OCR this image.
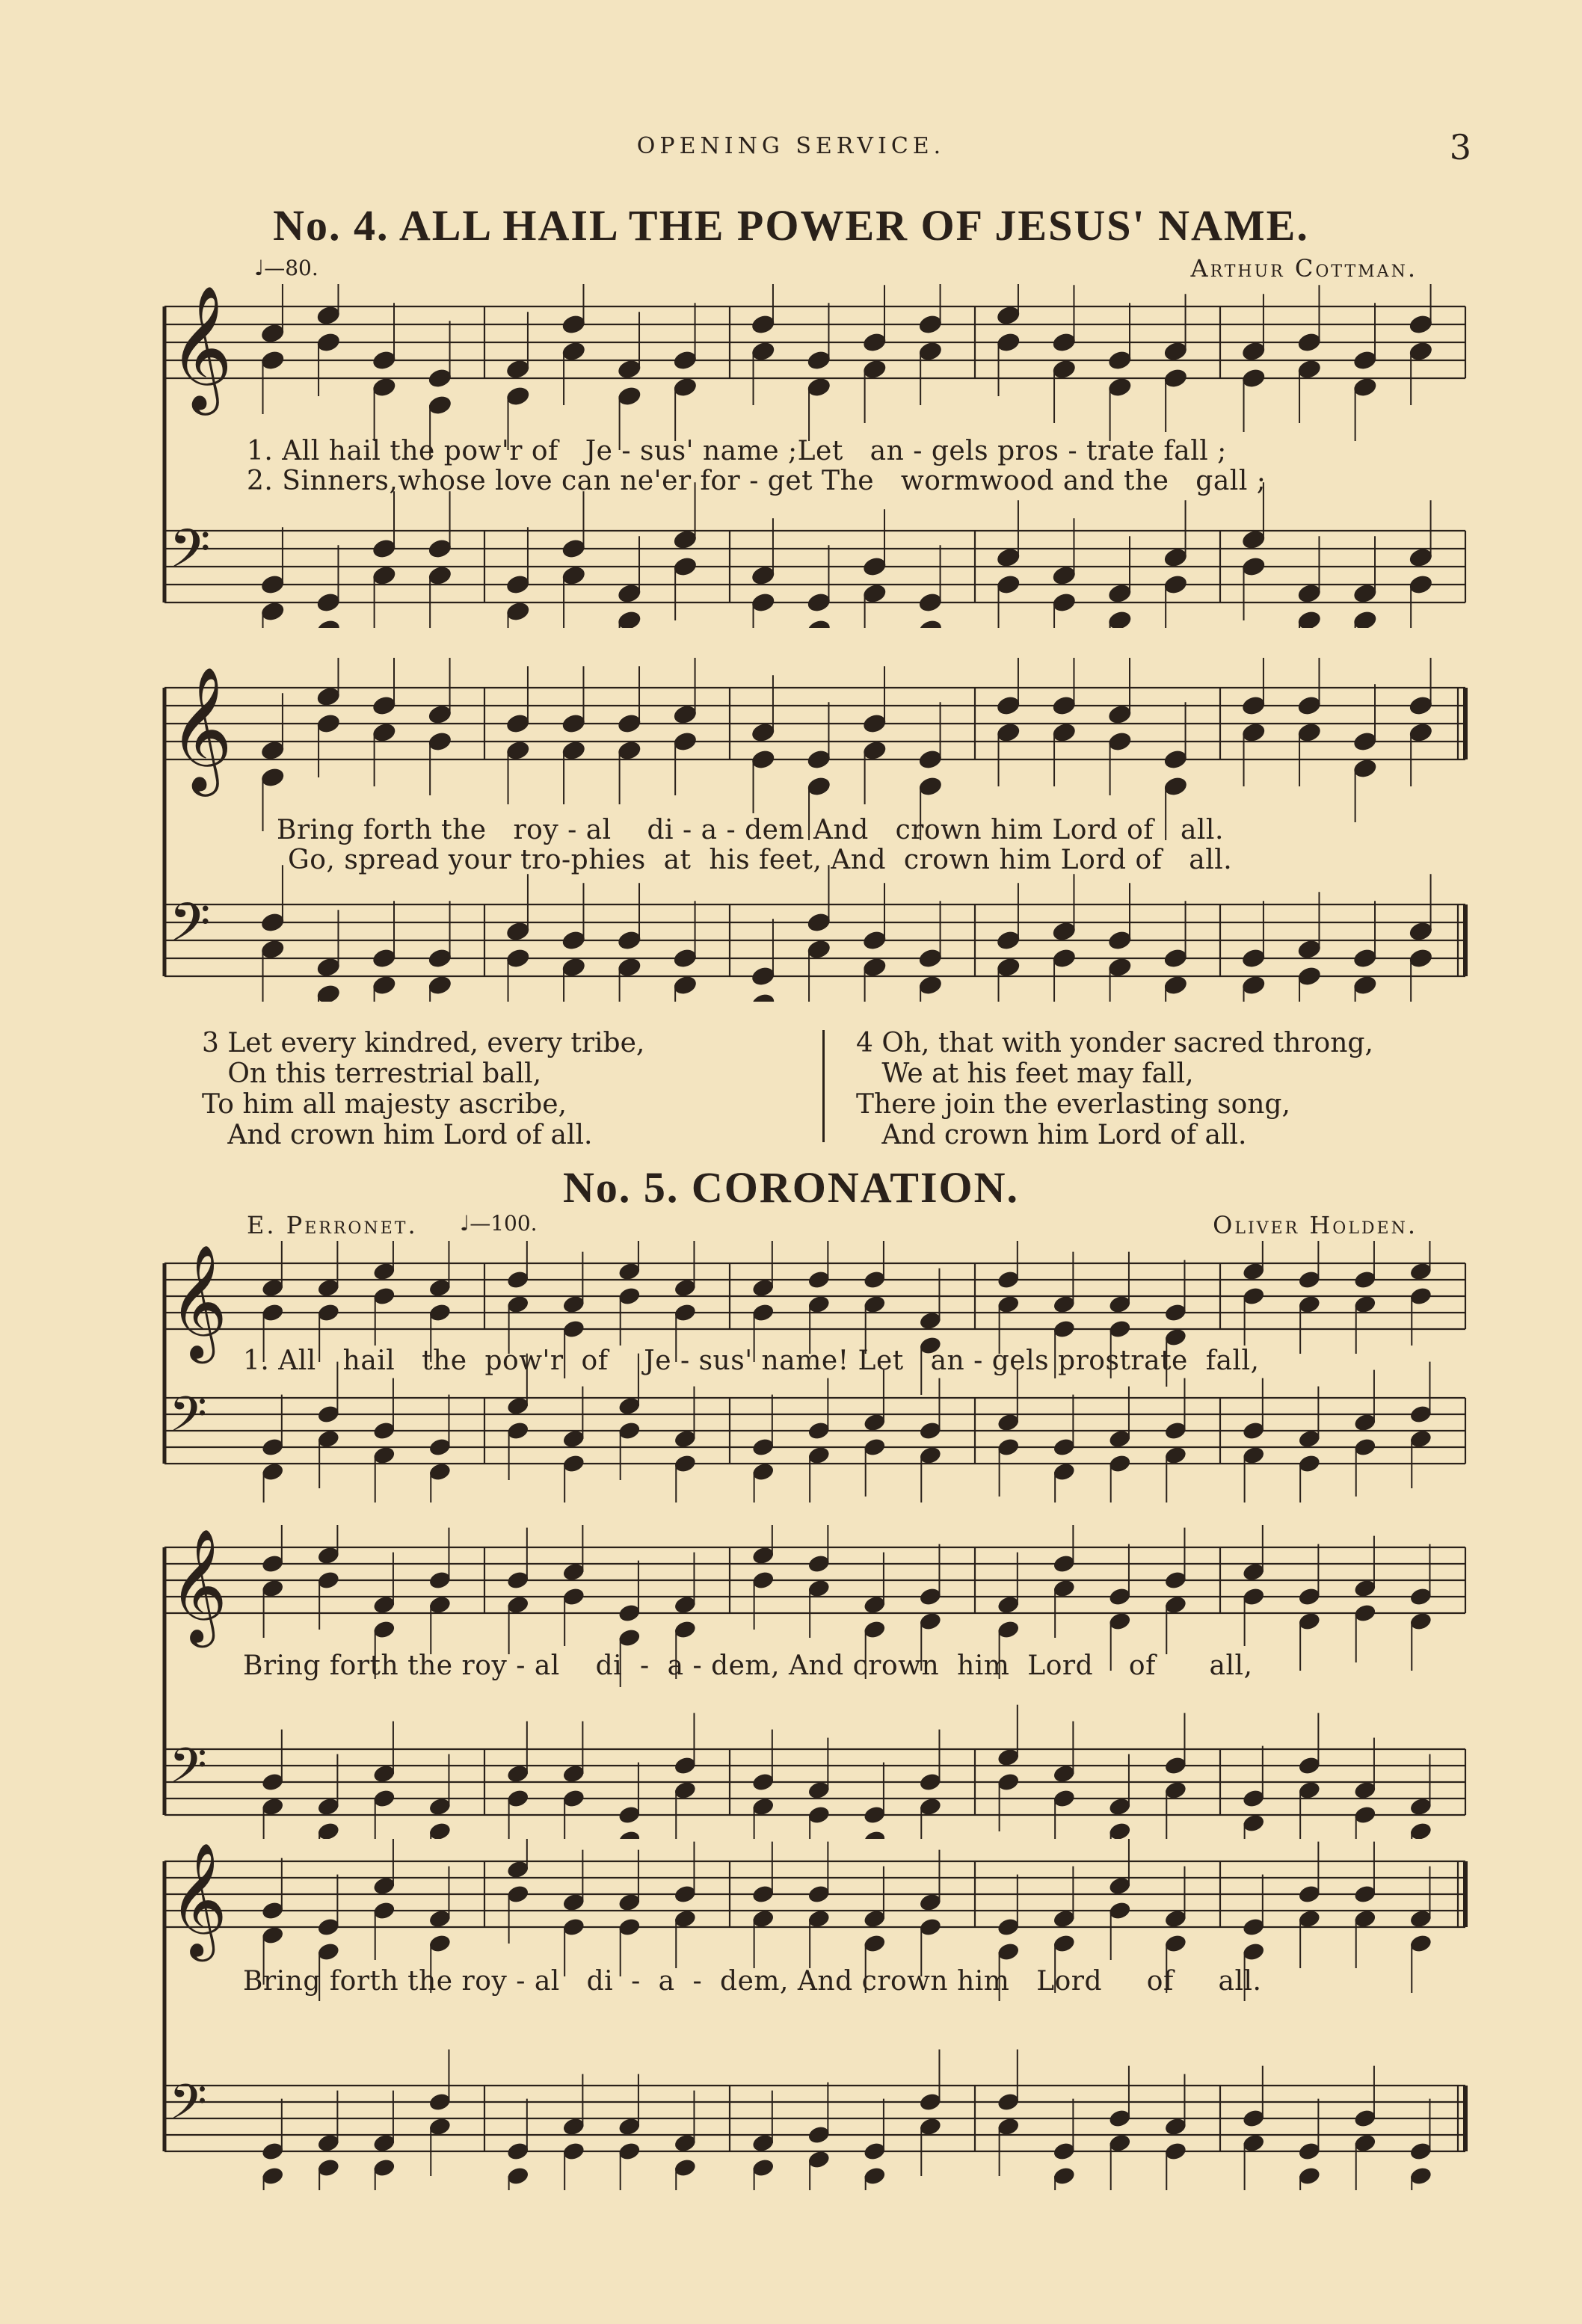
OPENING SERVICE.	3
No. 4. ALL HAIL THE POWER OF JESUS' NAME.
♩—80.	Arthur Cottman.
𝄞
𝄢
1. All hail the pow'r of   Je - sus' name ;Let   an - gels pros - trate fall ;
2. Sinners,whose love can ne'er for - get The   wormwood and the   gall ;
𝄞
𝄢
Bring forth the   roy - al    di - a - dem And   crown him Lord of   all.
Go, spread your tro-phies  at  his feet, And  crown him Lord of   all.
3 Let every kindred, every tribe,
On this terrestrial ball,
To him all majesty ascribe,
And crown him Lord of all.
4 Oh, that with yonder sacred throng,
We at his feet may fall,
There join the everlasting song,
And crown him Lord of all.
No. 5. CORONATION.
E. Perronet. ♩—100.	Oliver Holden.
𝄞
𝄢
1. All   hail   the  pow'r  of    Je - sus' name! Let   an - gels prostrate  fall,
𝄞
𝄢
Bring forth the roy - al    di  -  a - dem, And crown  him  Lord    of      all,
𝄞
𝄢
Bring forth the roy - al   di  -  a  -  dem, And crown him   Lord     of     all.
